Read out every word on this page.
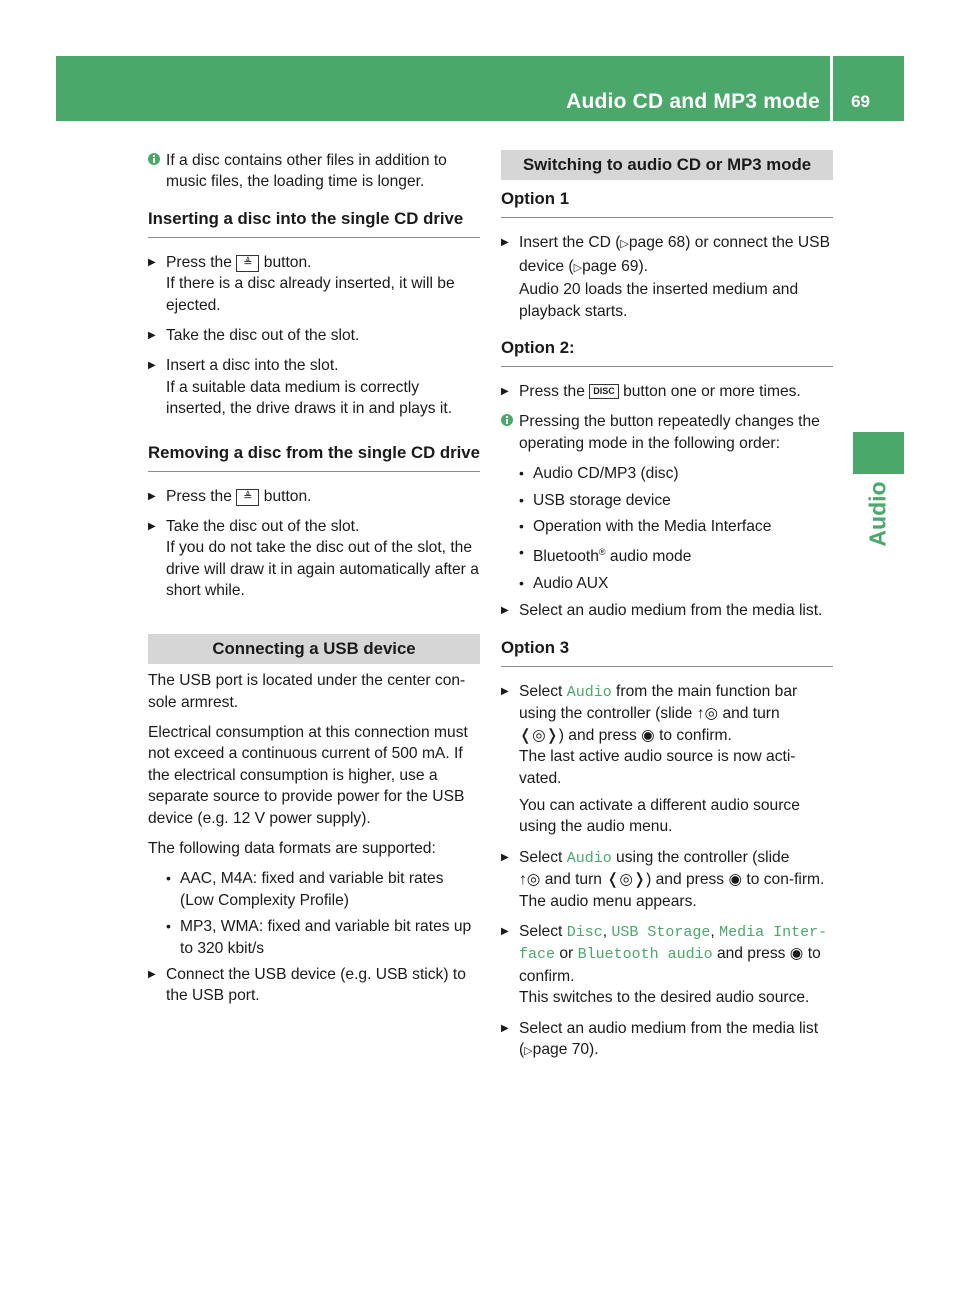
Audio CD and MP3 mode 69
Audio
If a disc contains other files in addition to music files, the loading time is longer.
Inserting a disc into the single CD drive
▶ Press the ≜ button.
If there is a disc already inserted, it will be ejected.
▶ Take the disc out of the slot.
▶ Insert a disc into the slot.
If a suitable data medium is correctly inserted, the drive draws it in and plays it.
Removing a disc from the single CD drive
▶ Press the ≜ button.
▶ Take the disc out of the slot.
If you do not take the disc out of the slot, the drive will draw it in again automatically after a short while.
Connecting a USB device
The USB port is located under the center con-sole armrest.
Electrical consumption at this connection must not exceed a continuous current of 500 mA. If the electrical consumption is higher, use a separate source to provide power for the USB device (e.g. 12 V power supply).
The following data formats are supported:
• AAC, M4A: fixed and variable bit rates (Low Complexity Profile)
• MP3, WMA: fixed and variable bit rates up to 320 kbit/s
▶ Connect the USB device (e.g. USB stick) to the USB port.
Switching to audio CD or MP3 mode
Option 1
▶ Insert the CD (▷page 68) or connect the USB device (▷page 69).
Audio 20 loads the inserted medium and playback starts.
Option 2:
▶ Press the DISC button one or more times.
Pressing the button repeatedly changes the operating mode in the following order:
• Audio CD/MP3 (disc)
• USB storage device
• Operation with the Media Interface
• Bluetooth® audio mode
• Audio AUX
▶ Select an audio medium from the media list.
Option 3
▶ Select Audio from the main function bar using the controller (slide ↑◎ and turn
❬◎❭) and press ◉ to confirm.
The last active audio source is now acti-vated.
You can activate a different audio source using the audio menu.
▶ Select Audio using the controller (slide
↑◎ and turn ❬◎❭) and press ◉ to con-firm.
The audio menu appears.
▶ Select Disc, USB Storage, Media Inter-face or Bluetooth audio and press ◉ to confirm.
This switches to the desired audio source.
▶ Select an audio medium from the media list (▷page 70).
